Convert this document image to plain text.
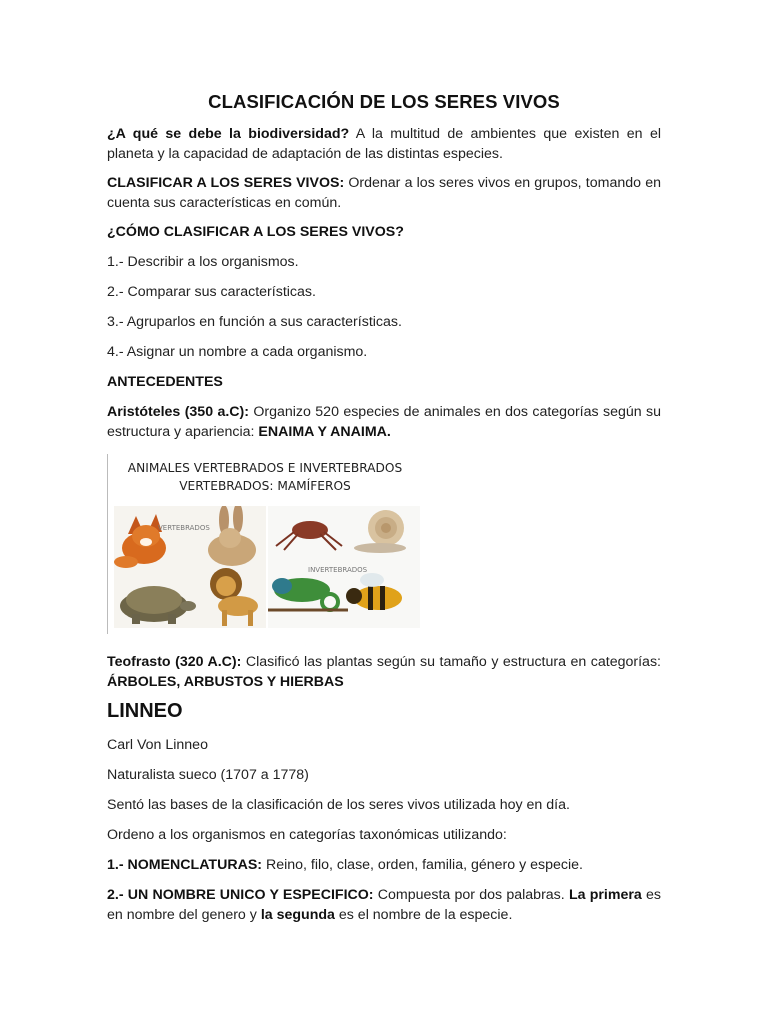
CLASIFICACIÓN DE LOS SERES VIVOS

¿A qué se debe la biodiversidad? A la multitud de ambientes que existen en el planeta y la capacidad de adaptación de las distintas especies.

CLASIFICAR A LOS SERES VIVOS: Ordenar a los seres vivos en grupos, tomando en cuenta sus características en común.

¿CÓMO CLASIFICAR A LOS SERES VIVOS?

1.- Describir a los organismos.

2.- Comparar sus características.

3.- Agruparlos en función a sus características.

4.- Asignar un nombre a cada organismo.

ANTECEDENTES

Aristóteles (350 a.C): Organizo 520 especies de animales en dos categorías según su estructura y apariencia: ENAIMA Y ANAIMA.

ANIMALES VERTEBRADOS E INVERTEBRADOS
VERTEBRADOS: MAMÍFEROS
VERTEBRADOS
INVERTEBRADOS

Teofrasto (320 A.C): Clasificó las plantas según su tamaño y estructura en categorías: ÁRBOLES, ARBUSTOS Y HIERBAS

LINNEO

Carl Von Linneo

Naturalista sueco (1707 a 1778)

Sentó las bases de la clasificación de los seres vivos utilizada hoy en día.

Ordeno a los organismos en categorías taxonómicas utilizando:

1.- NOMENCLATURAS: Reino, filo, clase, orden, familia, género y especie.

2.- UN NOMBRE UNICO Y ESPECIFICO: Compuesta por dos palabras. La primera es en nombre del genero y la segunda es el nombre de la especie.
